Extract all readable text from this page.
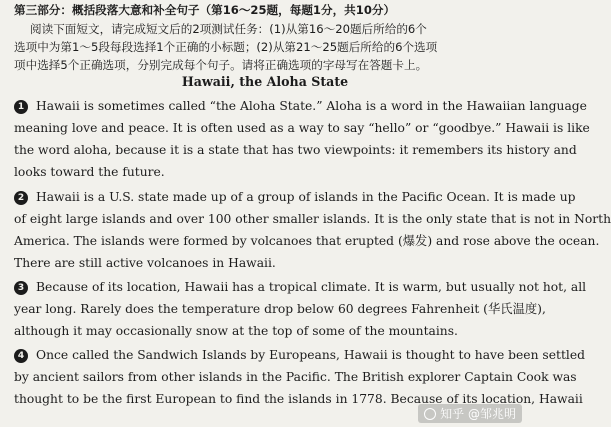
第三部分：概括段落大意和补全句子（第16～25题，每题1分，共10分）
阅读下面短文，请完成短文后的2项测试任务：(1)从第16～20题后所给的6个
选项中为第1～5段每段选择1个正确的小标题；(2)从第21～25题后所给的6个选项
项中选择5个正确选项，分别完成每个句子。请将正确选项的字母写在答题卡上。
Hawaii, the Aloha State
1 Hawaii is sometimes called “the Aloha State.” Aloha is a word in the Hawaiian language
meaning love and peace. It is often used as a way to say “hello” or “goodbye.” Hawaii is like
the word aloha, because it is a state that has two viewpoints: it remembers its history and
looks toward the future.
2 Hawaii is a U.S. state made up of a group of islands in the Pacific Ocean. It is made up
of eight large islands and over 100 other smaller islands. It is the only state that is not in North
America. The islands were formed by volcanoes that erupted (爆发) and rose above the ocean.
There are still active volcanoes in Hawaii.
3 Because of its location, Hawaii has a tropical climate. It is warm, but usually not hot, all
year long. Rarely does the temperature drop below 60 degrees Fahrenheit (华氏温度),
although it may occasionally snow at the top of some of the mountains.
4 Once called the Sandwich Islands by Europeans, Hawaii is thought to have been settled
by ancient sailors from other islands in the Pacific. The British explorer Captain Cook was
thought to be the first European to find the islands in 1778. Because of its location, Hawaii
知乎 @邹兆明
